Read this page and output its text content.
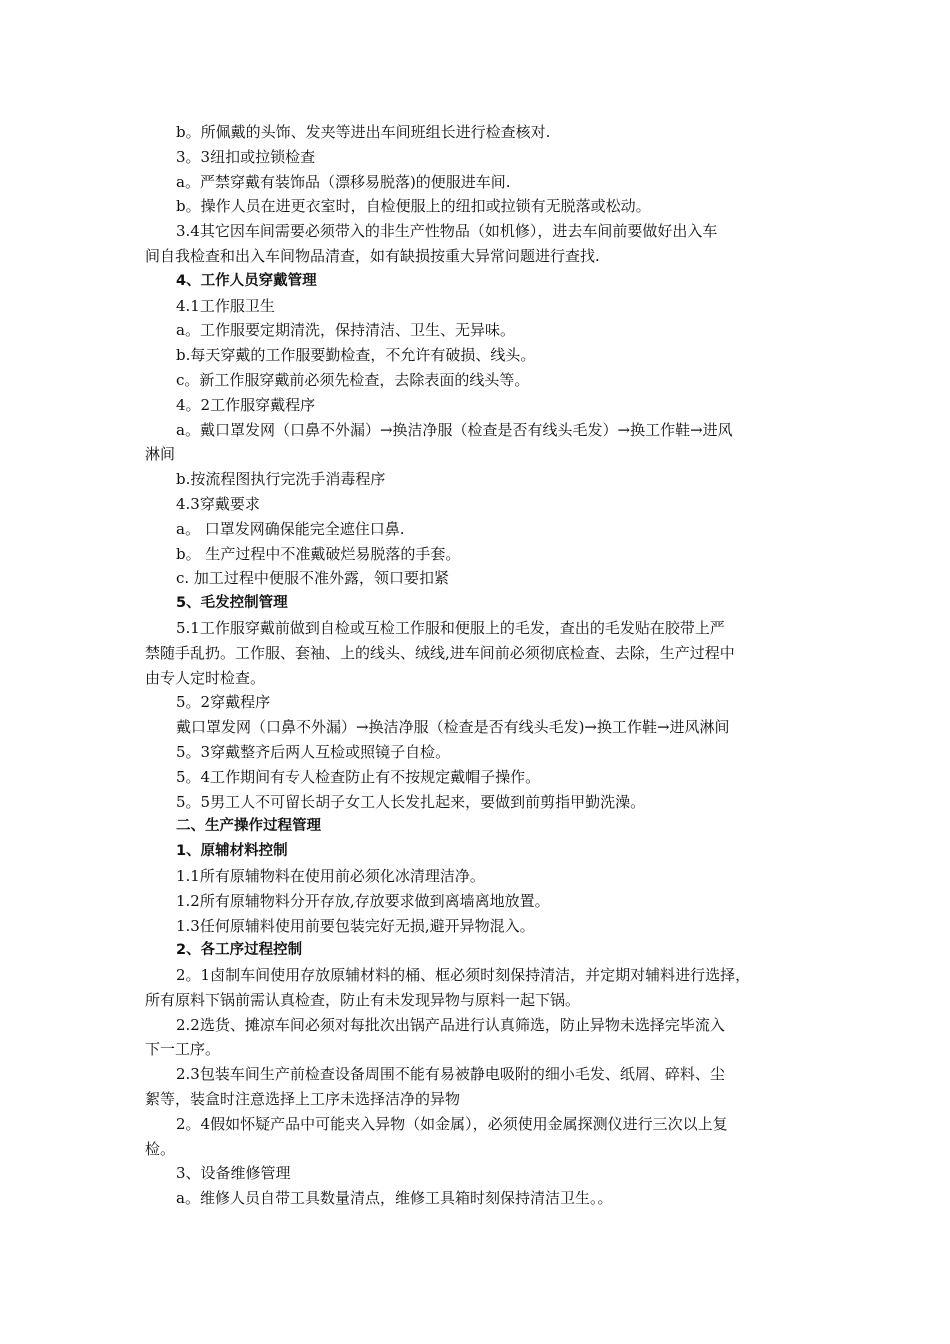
b。所佩戴的头饰、发夹等进出车间班组长进行检查核对.
3。3纽扣或拉锁检查
a。严禁穿戴有装饰品（漂移易脱落)的便服进车间.
b。操作人员在进更衣室时，自检便服上的纽扣或拉锁有无脱落或松动。
3.4其它因车间需要必须带入的非生产性物品（如机修），进去车间前要做好出入车
间自我检查和出入车间物品清查，如有缺损按重大异常问题进行查找.
4、工作人员穿戴管理
4.1工作服卫生
a。工作服要定期清洗，保持清洁、卫生、无异味。
b.每天穿戴的工作服要勤检查，不允许有破损、线头。
c。新工作服穿戴前必须先检查，去除表面的线头等。
4。2工作服穿戴程序
a。戴口罩发网（口鼻不外漏）→换洁净服（检查是否有线头毛发）→换工作鞋→进风
淋间
b.按流程图执行完洗手消毒程序
4.3穿戴要求
a。 口罩发网确保能完全遮住口鼻.
b。 生产过程中不准戴破烂易脱落的手套。
c. 加工过程中便服不准外露，领口要扣紧
5、毛发控制管理
5.1工作服穿戴前做到自检或互检工作服和便服上的毛发，查出的毛发贴在胶带上严
禁随手乱扔。工作服、套袖、上的线头、绒线,进车间前必须彻底检查、去除，生产过程中
由专人定时检查。
5。2穿戴程序
戴口罩发网（口鼻不外漏）→换洁净服（检查是否有线头毛发)→换工作鞋→进风淋间
5。3穿戴整齐后两人互检或照镜子自检。
5。4工作期间有专人检查防止有不按规定戴帽子操作。
5。5男工人不可留长胡子女工人长发扎起来，要做到前剪指甲勤洗澡。
二、生产操作过程管理
1、原辅材料控制
1.1所有原辅物料在使用前必须化冰清理洁净。
1.2所有原辅物料分开存放,存放要求做到离墙离地放置。
1.3任何原辅料使用前要包装完好无损,避开异物混入。
2、各工序过程控制
2。1卤制车间使用存放原辅材料的桶、框必须时刻保持清洁，并定期对辅料进行选择，
所有原料下锅前需认真检查，防止有未发现异物与原料一起下锅。
2.2选货、摊凉车间必须对每批次出锅产品进行认真筛选，防止异物未选择完毕流入
下一工序。
2.3包装车间生产前检查设备周围不能有易被静电吸附的细小毛发、纸屑、碎料、尘
絮等，装盒时注意选择上工序未选择洁净的异物
2。4假如怀疑产品中可能夹入异物（如金属），必须使用金属探测仪进行三次以上复
检。
3、设备维修管理
a。维修人员自带工具数量清点，维修工具箱时刻保持清洁卫生。。
